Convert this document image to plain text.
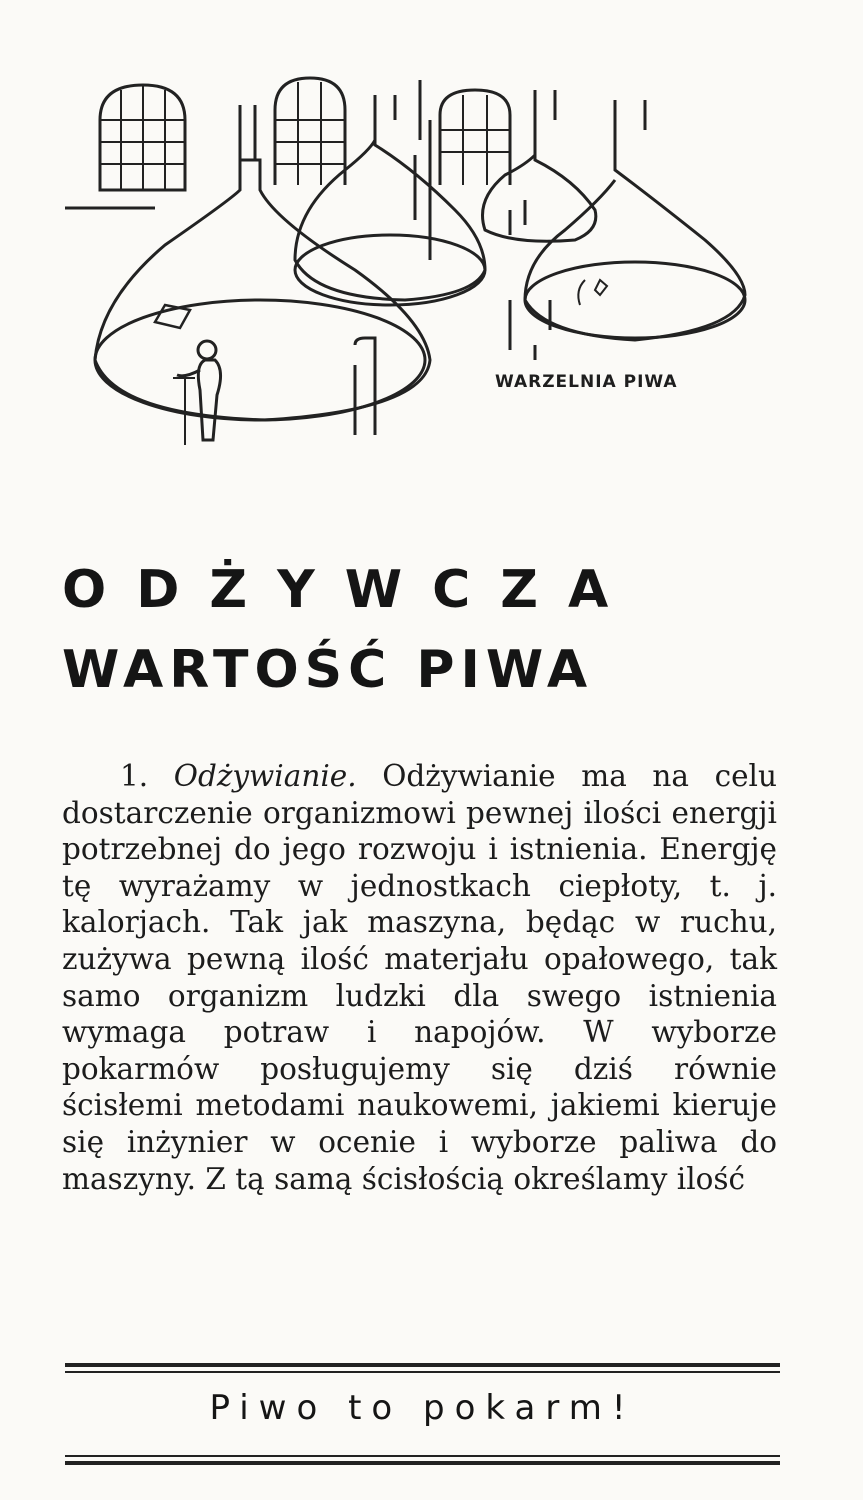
WARZELNIA PIWA
ODŻYWCZA
WARTOŚĆ PIWA
1. Odżywianie. Odżywianie ma na celu dostarczenie organizmowi pewnej ilości energji potrzebnej do jego rozwoju i istnienia. Energję tę wyrażamy w jednostkach ciepłoty, t. j. kalorjach. Tak jak maszyna, będąc w ruchu, zużywa pewną ilość materjału opałowego, tak samo organizm ludzki dla swego istnienia wymaga potraw i napojów. W wyborze pokarmów posługujemy się dziś równie ścisłemi metodami naukowemi, jakiemi kieruje się inżynier w ocenie i wyborze paliwa do maszyny. Z tą samą ścisłością określamy ilość
Piwo to pokarm!
